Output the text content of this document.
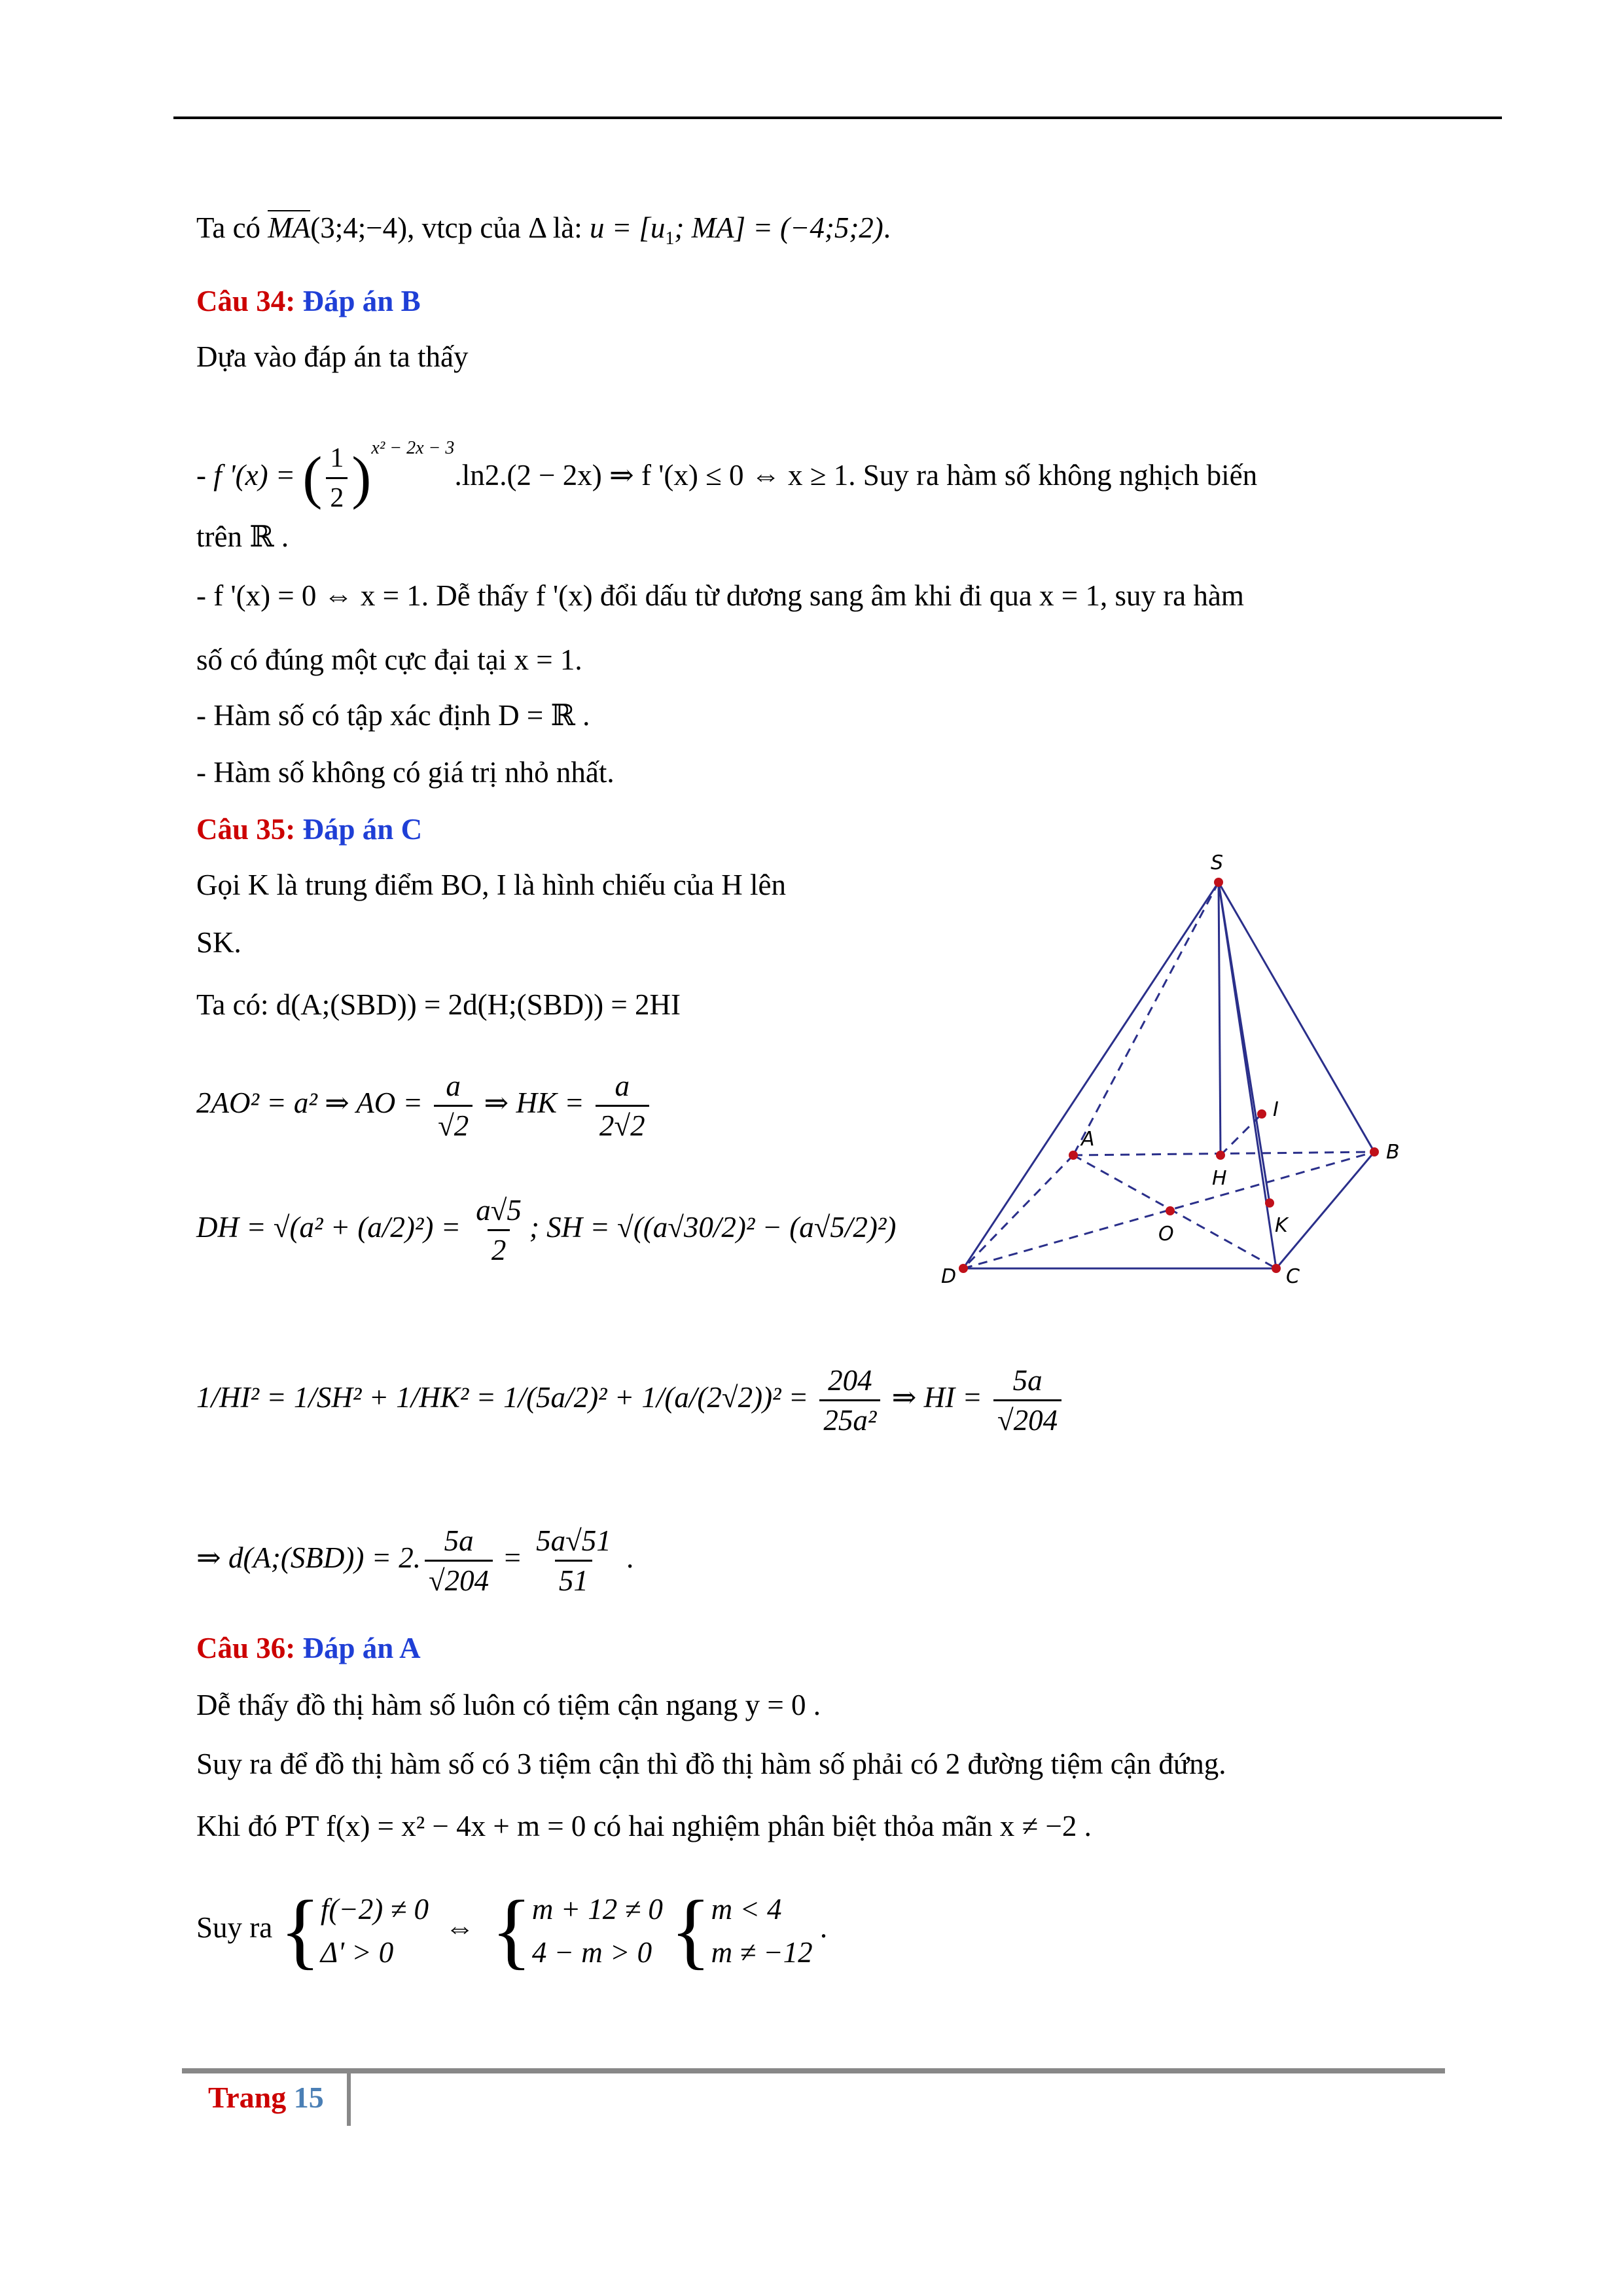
Ta có MA(3;4;−4), vtcp của Δ là: $u = [u_1$; MA] = (−4;5;2).
Câu 34: Đáp án B
Dựa vào đáp án ta thấy
- f '(x) = ( $\frac{1}{2} )^{x^2 - 2x - 3}.\ln 2.(2 - 2x)$ ⇒ f '(x) ≤ 0 ⇔ x ≥ 1. Suy ra hàm số không nghịch biến
trên ℝ .
- f '(x) = 0 ⇔ x = 1. Dễ thấy f '(x) đổi dấu từ dương sang âm khi đi qua x = 1, suy ra hàm
số có đúng một cực đại tại x = 1.
- Hàm số có tập xác định D = ℝ .
- Hàm số không có giá trị nhỏ nhất.
Câu 35: Đáp án C
Gọi K là trung điểm BO, I là hình chiếu của H lên
SK.
Ta có: d(A;(SBD)) = 2d(H;(SBD)) = 2HI
2AO² = a² ⇒ AO = $\frac{a}{√2}$ ⇒ HK = $\frac{a}{2√2}$
DH = $√(a^2 + (a/2)^2) = \frac{a√5}{2}$ ; SH = √((a√30/2)² − (a√5/2)²)
$1/HI^2 = 1/SH^2 + 1/HK^2 = 1/(5a/2)^2 + 1/(a/(2√2))^2 = \frac{204}{\text{25a²}}$ ⇒ HI = $\frac{5a}{√204}$
⇒ d(A;(SBD)) = 2. $\frac{5a}{√204} = \frac{5a√51}{51}$ .
S
A
B
C
D
H
I
K
O
Câu 36: Đáp án A
Dễ thấy đồ thị hàm số luôn có tiệm cận ngang y = 0 .
Suy ra để đồ thị hàm số có 3 tiệm cận thì đồ thị hàm số phải có 2 đường tiệm cận đứng.
Khi đó PT f(x) = x² − 4x + m = 0 có hai nghiệm phân biệt thỏa mãn x ≠ −2 .
Suy ra { f(−2) ≠ 0
Δ' > 0
⇔ { m + 12 ≠ 0
4 − m > 0 { m < 4
m ≠ −12
.
Trang 15
